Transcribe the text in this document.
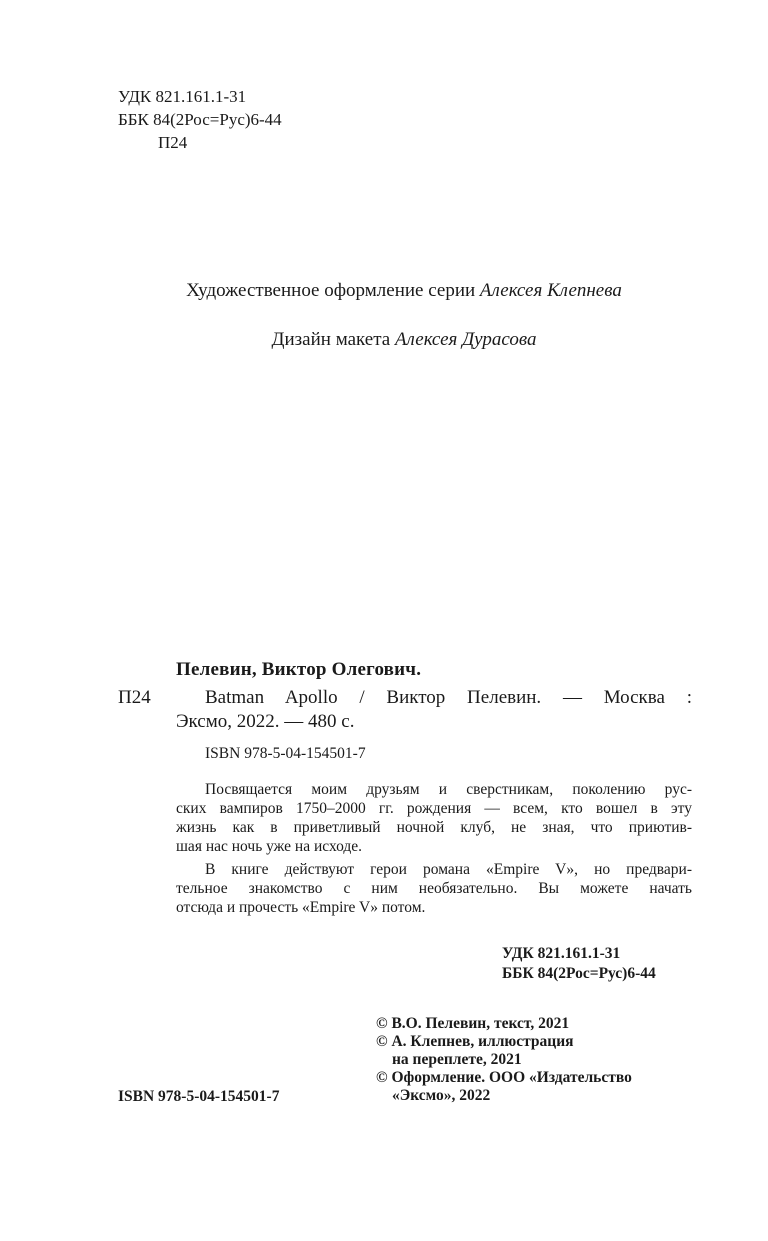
УДК 821.161.1-31
ББК 84(2Рос=Рус)6-44
П24
Художественное оформление серии Алексея Клепнева
Дизайн макета Алексея Дурасова
Пелевин, Виктор Олегович.
П24	Batman Apollo / Виктор Пелевин. — Москва :
Эксмо, 2022. — 480 с.
ISBN 978-5-04-154501-7
Посвящается моим друзьям и сверстникам, поколению рус-
ских вампиров 1750–2000 гг. рождения — всем, кто вошел в эту
жизнь как в приветливый ночной клуб, не зная, что приютив-
шая нас ночь уже на исходе.
В книге действуют герои романа «Empire V», но предвари-
тельное знакомство с ним необязательно. Вы можете начать
отсюда и прочесть «Empire V» потом.
УДК 821.161.1-31
ББК 84(2Рос=Рус)6-44
© В.О. Пелевин, текст, 2021
© А. Клепнев, иллюстрация
на переплете, 2021
© Оформление. ООО «Издательство
«Эксмо», 2022
ISBN 978-5-04-154501-7
